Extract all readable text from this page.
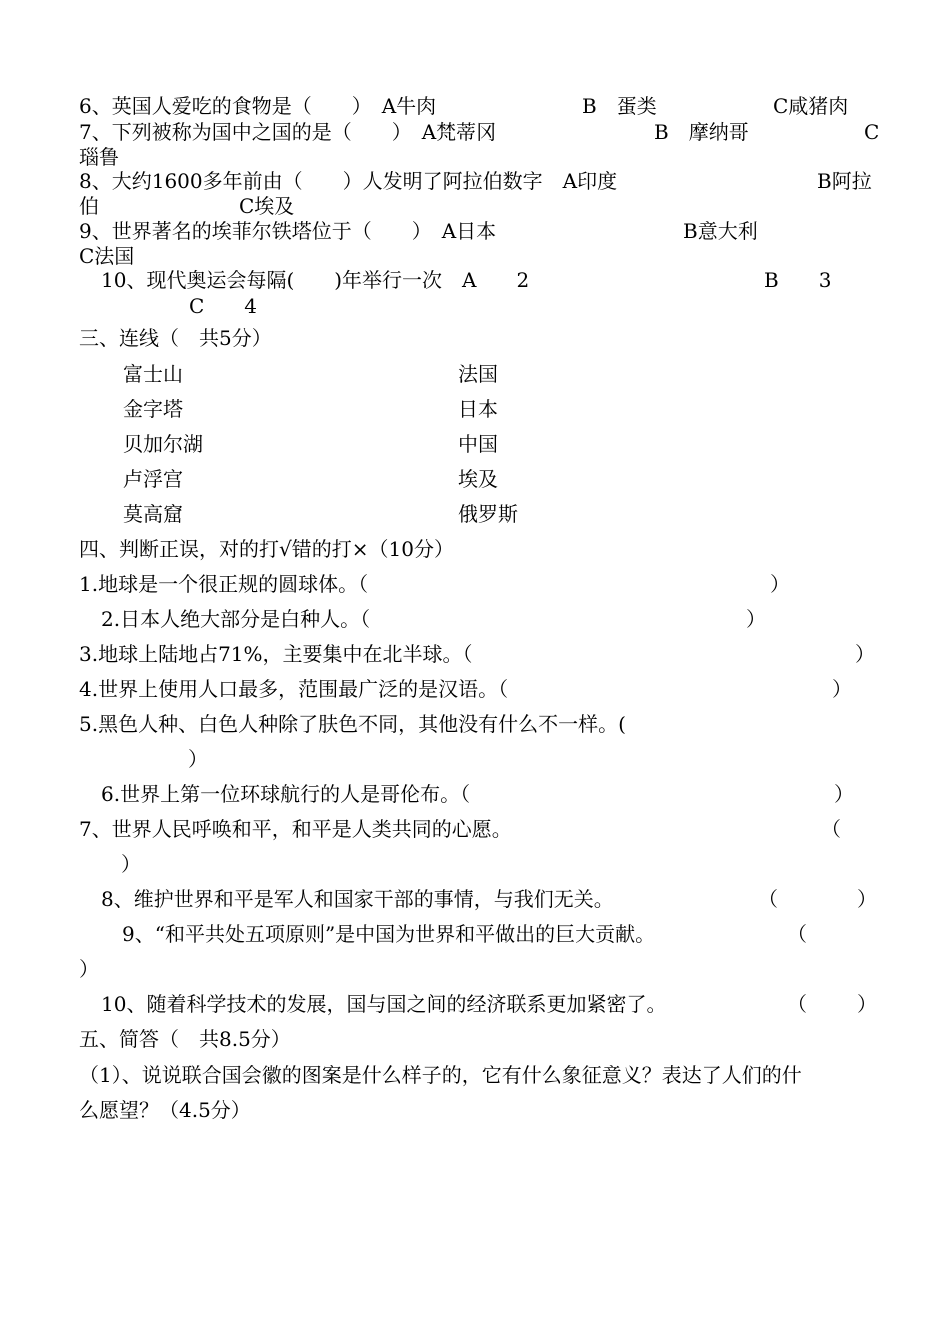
6、英国人爱吃的食物是（　　）　A牛肉	B　蛋类	C咸猪肉
7、下列被称为国中之国的是（　　）　A梵蒂冈	B　摩纳哥	C
瑙鲁
8、大约1600多年前由（　　）人发明了阿拉伯数字　A印度	B阿拉
伯　　　　　　　C埃及
9、世界著名的埃菲尔铁塔位于（　　）　A日本	B意大利
C法国
10、现代奥运会每隔(　　)年举行一次　A　　2	B　　3
C　　4
三、连线（　共5分）
富士山	法国
金字塔	日本
贝加尔湖	中国
卢浮宫	埃及
莫高窟	俄罗斯
四、判断正误，对的打√错的打×（10分）
1.地球是一个很正规的圆球体。（	）
2.日本人绝大部分是白种人。（	）
3.地球上陆地占71%，主要集中在北半球。（	）
4.世界上使用人口最多，范围最广泛的是汉语。（	）
5.黑色人种、白色人种除了肤色不同，其他没有什么不一样。(
）
6.世界上第一位环球航行的人是哥伦布。（	）
7、世界人民呼唤和平，和平是人类共同的心愿。	（
）
8、维护世界和平是军人和国家干部的事情，与我们无关。	（	）
9、“和平共处五项原则”是中国为世界和平做出的巨大贡献。	（
）
10、随着科学技术的发展，国与国之间的经济联系更加紧密了。	（	）
五、简答（　共8.5分）
（1）、说说联合国会徽的图案是什么样子的，它有什么象征意义？表达了人们的什
么愿望？（4.5分）
